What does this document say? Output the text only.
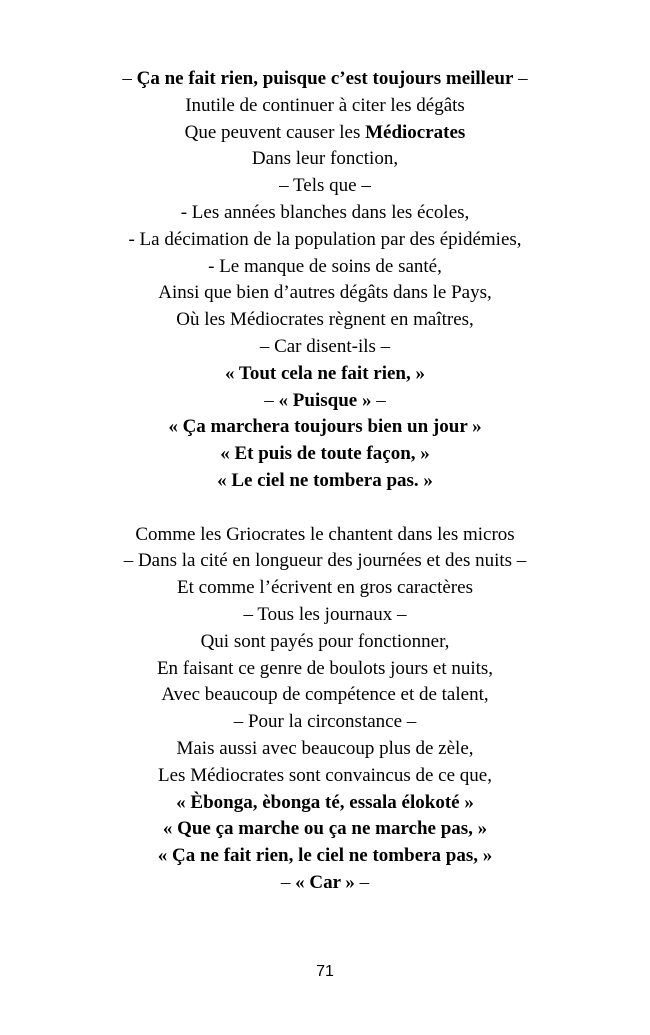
– Ça ne fait rien, puisque c’est toujours meilleur –
Inutile de continuer à citer les dégâts
Que peuvent causer les Médiocrates
Dans leur fonction,
– Tels que –
- Les années blanches dans les écoles,
- La décimation de la population par des épidémies,
- Le manque de soins de santé,
Ainsi que bien d’autres dégâts dans le Pays,
Où les Médiocrates règnent en maîtres,
– Car disent-ils –
« Tout cela ne fait rien, »
– « Puisque » –
« Ça marchera toujours bien un jour »
« Et puis de toute façon, »
« Le ciel ne tombera pas. »
Comme les Griocrates le chantent dans les micros
– Dans la cité en longueur des journées et des nuits –
Et comme l’écrivent en gros caractères
– Tous les journaux –
Qui sont payés pour fonctionner,
En faisant ce genre de boulots jours et nuits,
Avec beaucoup de compétence et de talent,
– Pour la circonstance –
Mais aussi avec beaucoup plus de zèle,
Les Médiocrates sont convaincus de ce que,
« Èbonga, èbonga té, essala élokoté »
« Que ça marche ou ça ne marche pas, »
« Ça ne fait rien, le ciel ne tombera pas, »
– « Car » –
71
